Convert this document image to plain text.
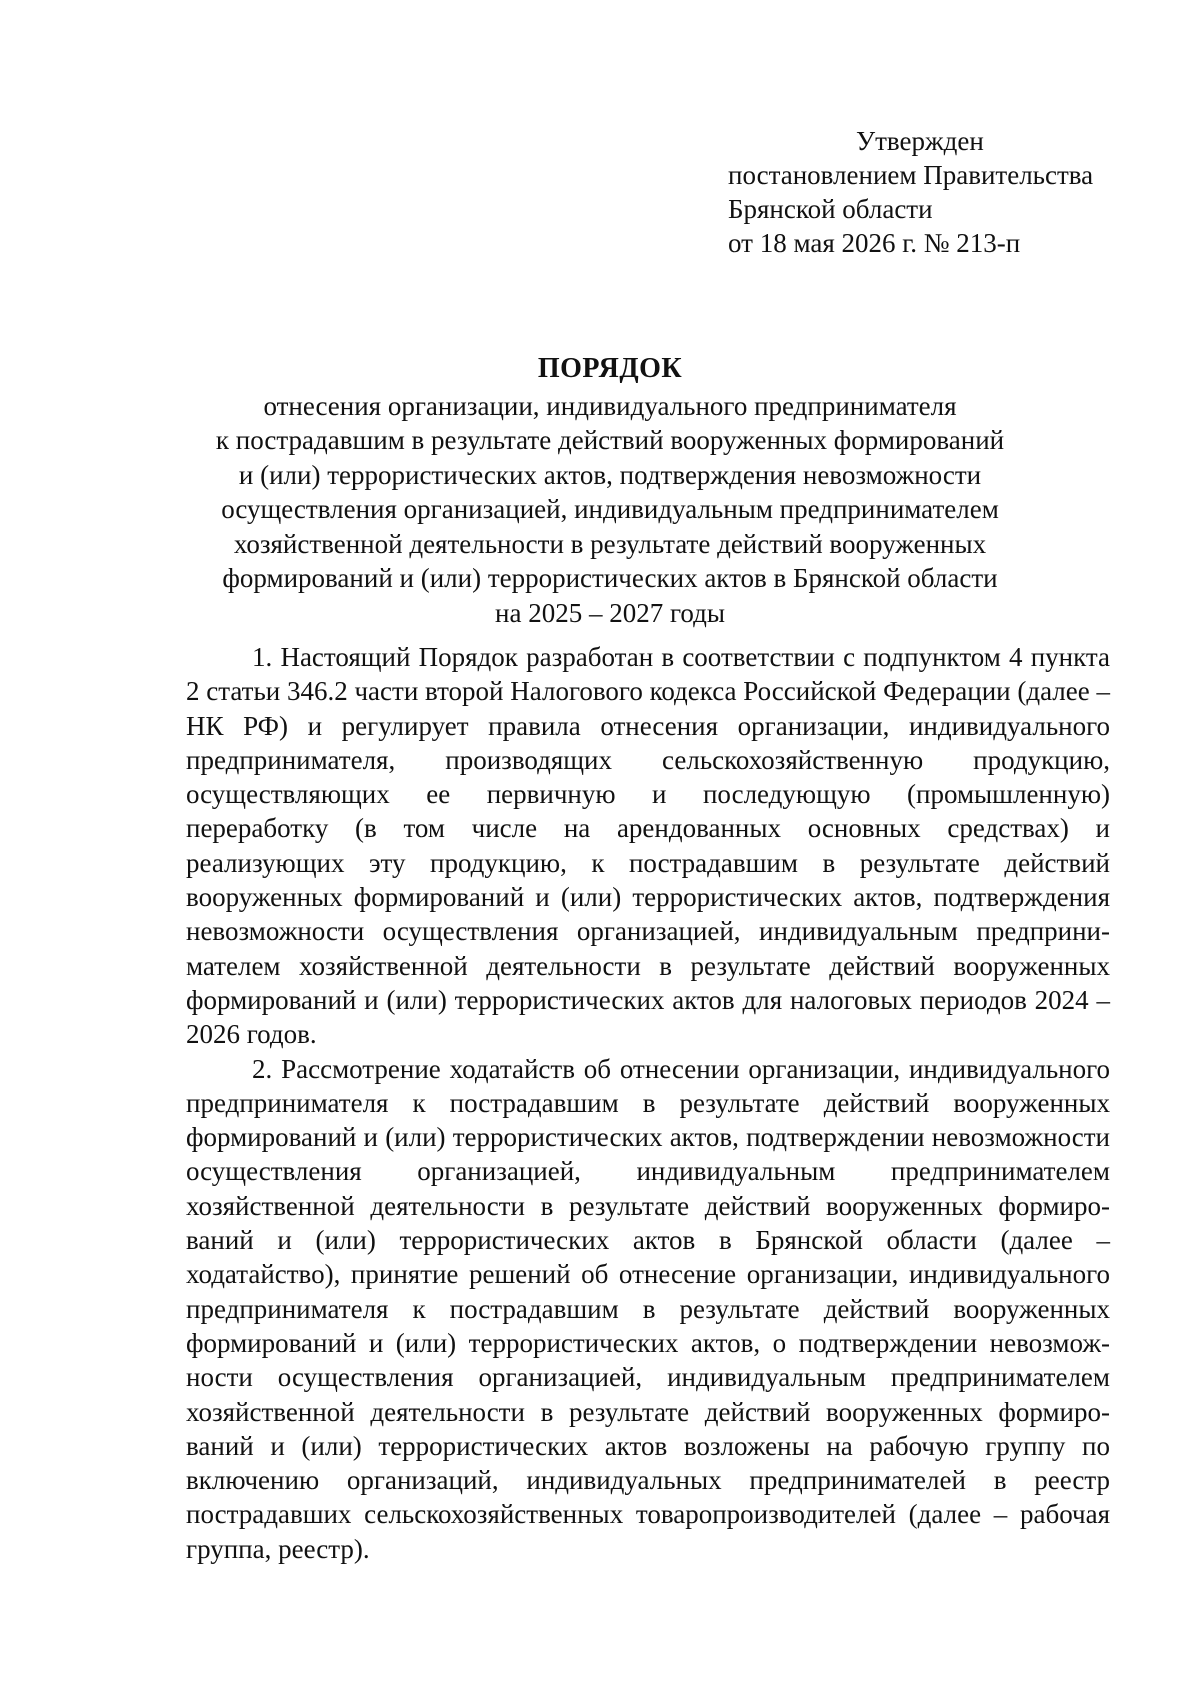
Утвержден
постановлением Правительства
Брянской области
от 18 мая 2026 г. № 213-п
ПОРЯДОК
отнесения организации, индивидуального предпринимателя
к пострадавшим в результате действий вооруженных формирований
и (или) террористических актов, подтверждения невозможности
осуществления организацией, индивидуальным предпринимателем
хозяйственной деятельности в результате действий вооруженных
формирований и (или) террористических актов в Брянской области
на 2025 – 2027 годы

1. Настоящий Порядок разработан в соответствии с подпунктом 4 пункта 2 статьи 346.2 части второй Налогового кодекса Российской Федерации (далее – НК РФ) и регулирует правила отнесения организации, индивидуального предпринимателя, производящих сельскохозяйственную продукцию, осуществляющих ее первичную и последующую (промышленную) переработку (в том числе на арендованных основных средствах) и реализующих эту продукцию, к пострадавшим в результате действий вооруженных формирований и (или) террористических актов, подтверждения невозможности осуществления организацией, индивидуальным предпринимателем хозяйственной деятельности в результате действий вооруженных формирований и (или) террористических актов для налоговых периодов 2024 – 2026 годов.

2. Рассмотрение ходатайств об отнесении организации, индивидуального предпринимателя к пострадавшим в результате действий вооруженных формирований и (или) террористических актов, подтверждении невозможности осуществления организацией, индивидуальным предпринимателем хозяйственной деятельности в результате действий вооруженных формирований и (или) террористических актов в Брянской области (далее – ходатайство), принятие решений об отнесение организации, индивидуального предпринимателя к пострадавшим в результате действий вооруженных формирований и (или) террористических актов, о подтверждении невозможности осуществления организацией, индивидуальным предпринимателем хозяйственной деятельности в результате действий вооруженных формирований и (или) террористических актов возложены на рабочую группу по включению организаций, индивидуальных предпринимателей в реестр пострадавших сельскохозяйственных товаропроизводителей (далее – рабочая группа, реестр).
